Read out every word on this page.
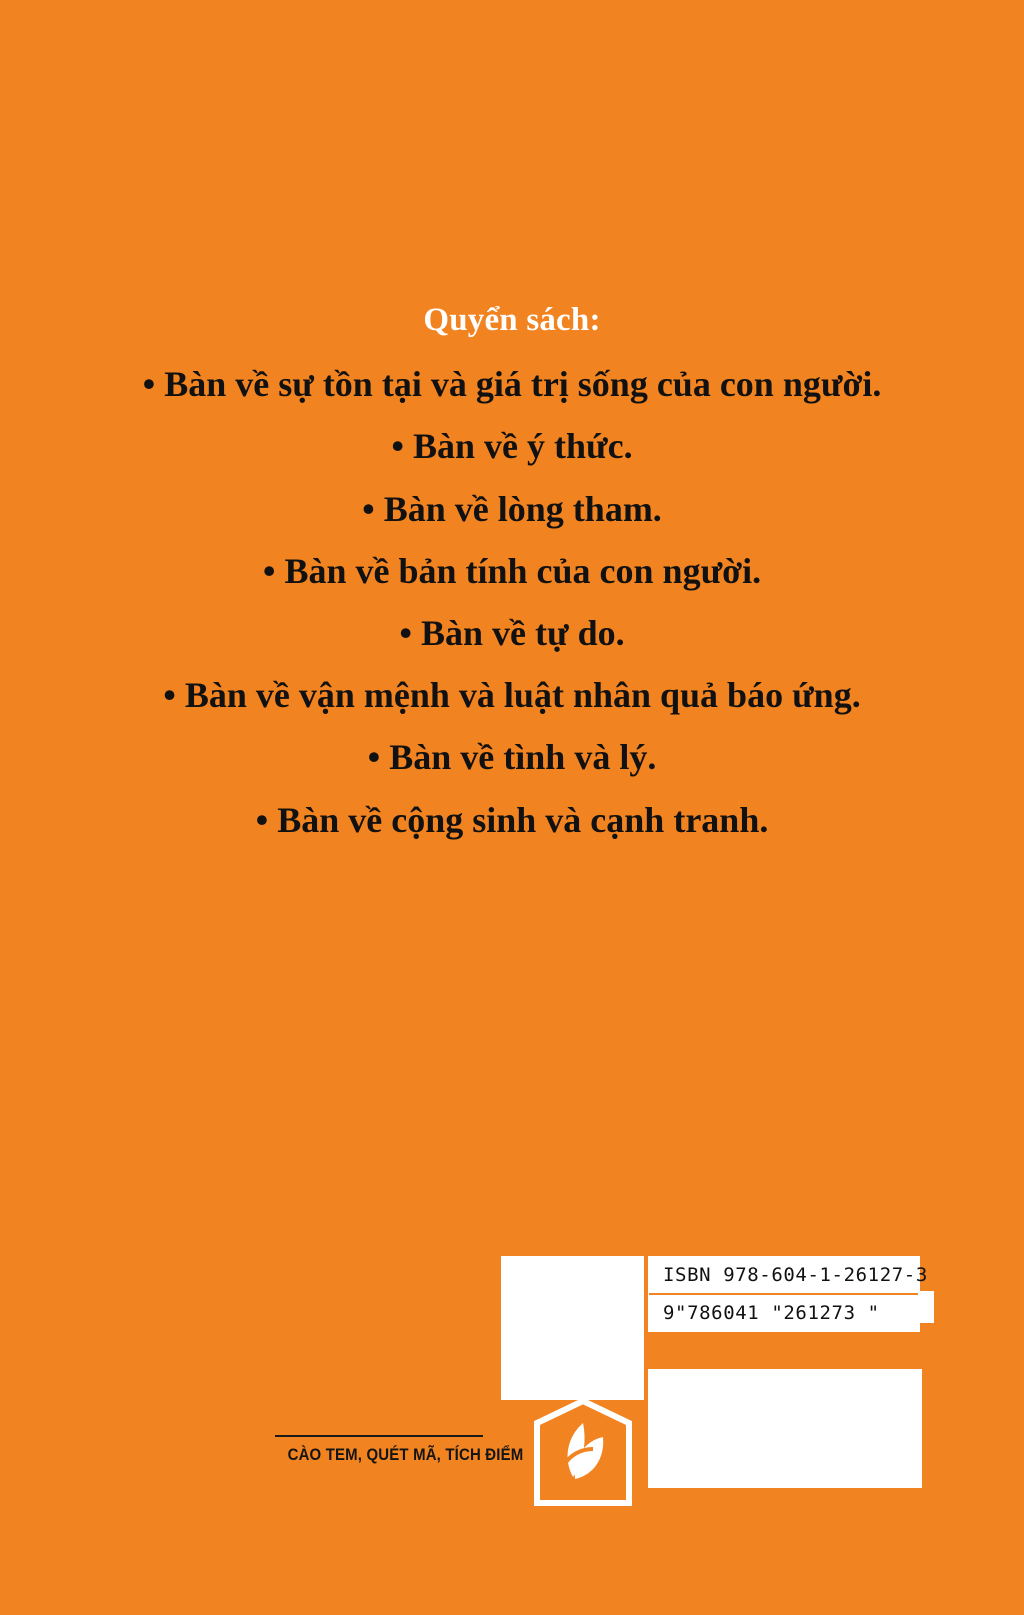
Quyển sách:
• Bàn về sự tồn tại và giá trị sống của con người.
• Bàn về ý thức.
• Bàn về lòng tham.
• Bàn về bản tính của con người.
• Bàn về tự do.
• Bàn về vận mệnh và luật nhân quả báo ứng.
• Bàn về tình và lý.
• Bàn về cộng sinh và cạnh tranh.
ISBN 978-604-1-26127-3
9"786041 "261273 "
CÀO TEM, QUÉT MÃ, TÍCH ĐIỂM
